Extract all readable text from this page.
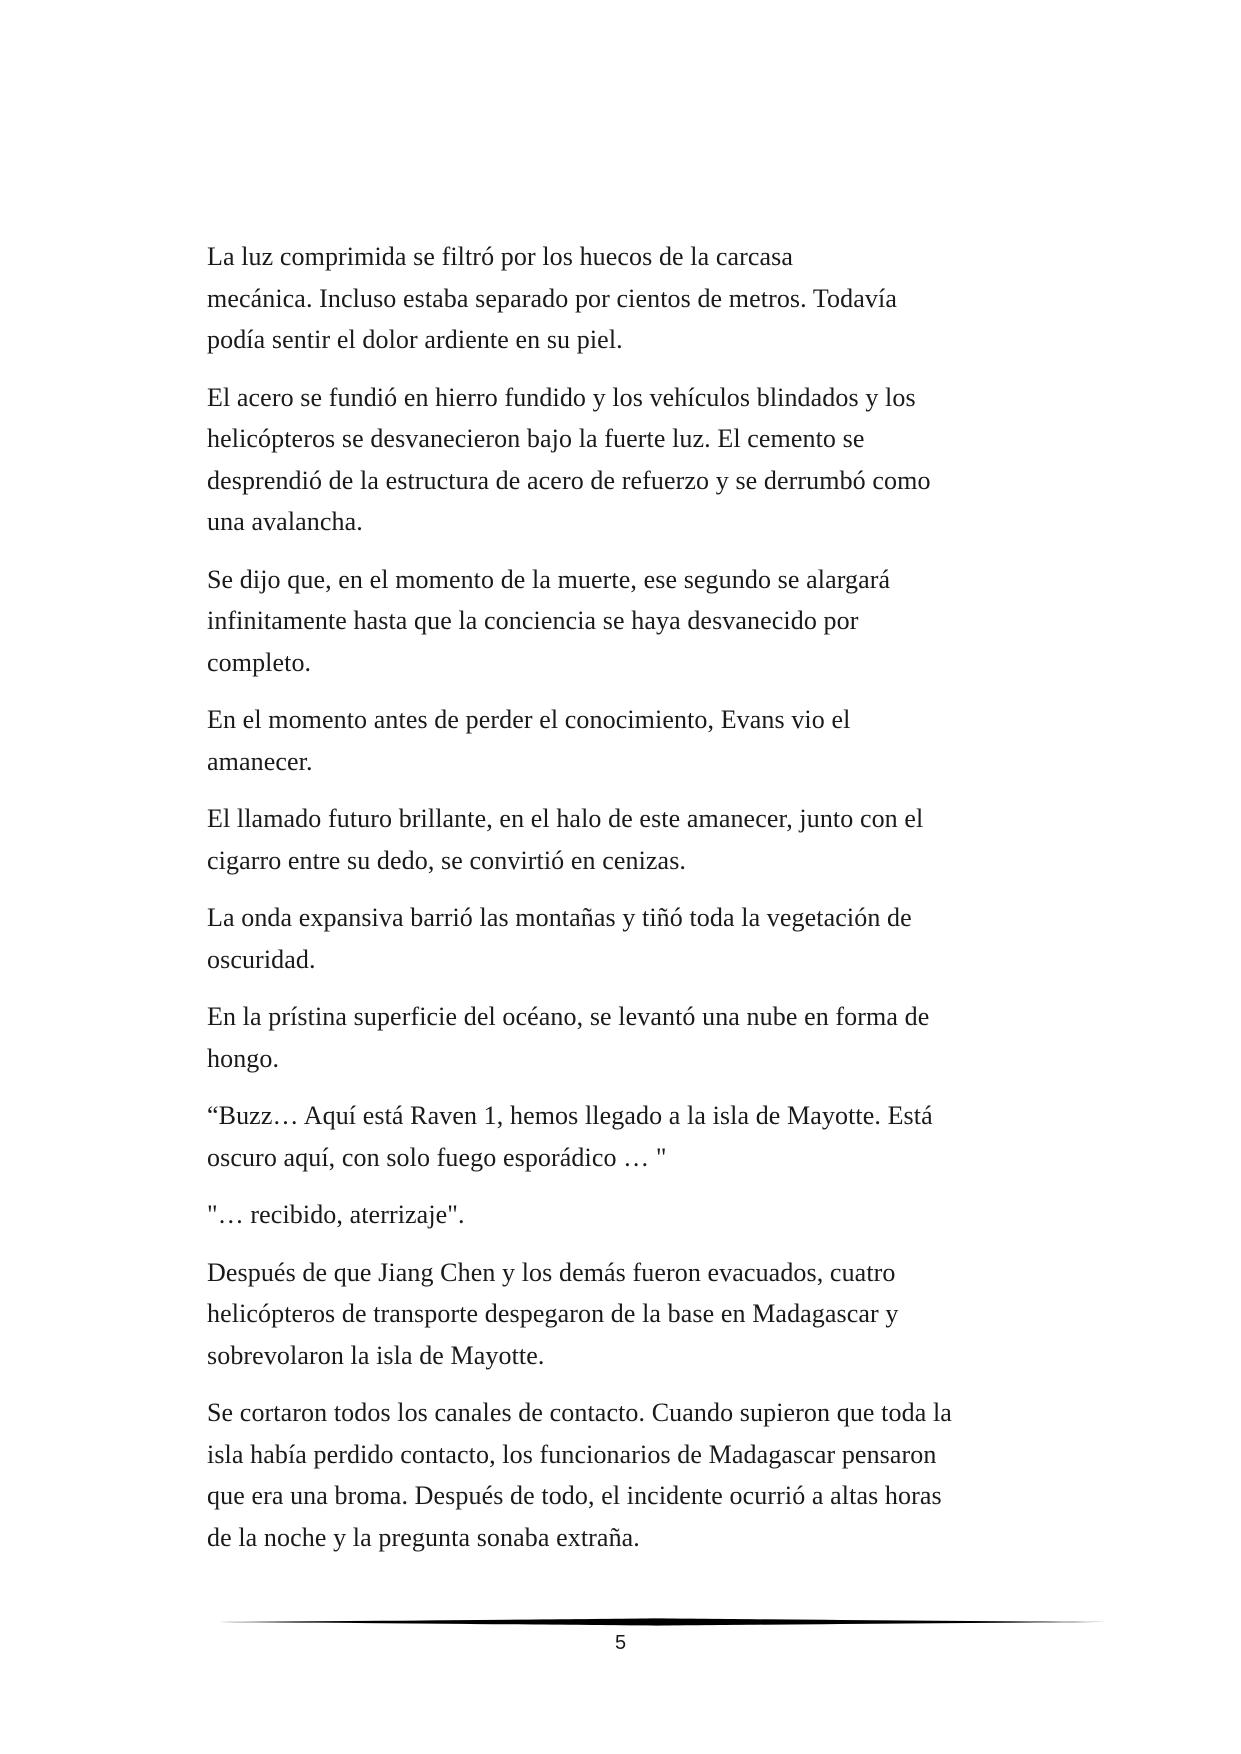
La luz comprimida se filtró por los huecos de la carcasa
mecánica. Incluso estaba separado por cientos de metros. Todavía
podía sentir el dolor ardiente en su piel.

El acero se fundió en hierro fundido y los vehículos blindados y los
helicópteros se desvanecieron bajo la fuerte luz. El cemento se
desprendió de la estructura de acero de refuerzo y se derrumbó como
una avalancha.

Se dijo que, en el momento de la muerte, ese segundo se alargará
infinitamente hasta que la conciencia se haya desvanecido por
completo.

En el momento antes de perder el conocimiento, Evans vio el
amanecer.

El llamado futuro brillante, en el halo de este amanecer, junto con el
cigarro entre su dedo, se convirtió en cenizas.

La onda expansiva barrió las montañas y tiñó toda la vegetación de
oscuridad.

En la prístina superficie del océano, se levantó una nube en forma de
hongo.

“Buzz… Aquí está Raven 1, hemos llegado a la isla de Mayotte. Está
oscuro aquí, con solo fuego esporádico … "

"… recibido, aterrizaje".

Después de que Jiang Chen y los demás fueron evacuados, cuatro
helicópteros de transporte despegaron de la base en Madagascar y
sobrevolaron la isla de Mayotte.

Se cortaron todos los canales de contacto. Cuando supieron que toda la
isla había perdido contacto, los funcionarios de Madagascar pensaron
que era una broma. Después de todo, el incidente ocurrió a altas horas
de la noche y la pregunta sonaba extraña.

5
